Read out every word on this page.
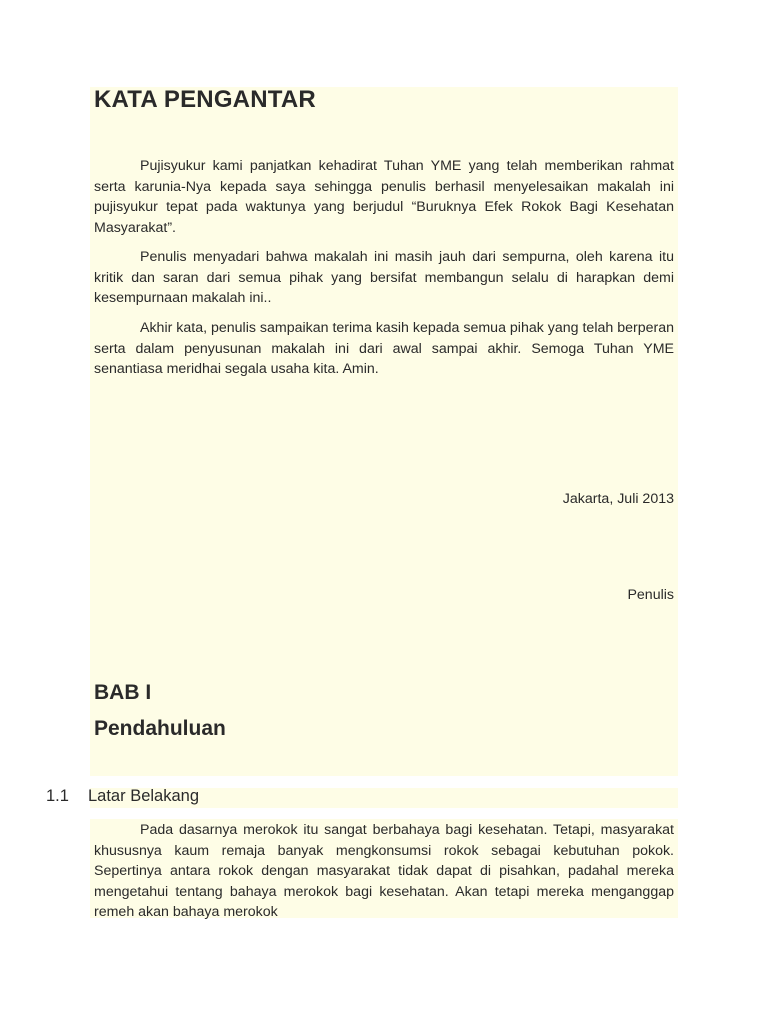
KATA PENGANTAR

Pujisyukur kami panjatkan kehadirat Tuhan YME yang telah memberikan rahmat serta karunia-Nya kepada saya sehingga penulis berhasil menyelesaikan makalah ini pujisyukur tepat pada waktunya yang berjudul “Buruknya Efek Rokok Bagi Kesehatan Masyarakat”.

Penulis menyadari bahwa makalah ini masih jauh dari sempurna, oleh karena itu kritik dan saran dari semua pihak yang bersifat membangun selalu di harapkan demi kesempurnaan makalah ini..

Akhir kata, penulis sampaikan terima kasih kepada semua pihak yang telah berperan serta dalam penyusunan makalah ini dari awal sampai akhir. Semoga Tuhan YME senantiasa meridhai segala usaha kita. Amin.

Jakarta, Juli 2013
Penulis
BAB I
Pendahuluan
1.1 Latar Belakang

Pada dasarnya merokok itu sangat berbahaya bagi kesehatan. Tetapi, masyarakat khususnya kaum remaja banyak mengkonsumsi rokok sebagai kebutuhan pokok. Sepertinya antara rokok dengan masyarakat tidak dapat di pisahkan, padahal mereka mengetahui tentang bahaya merokok bagi kesehatan. Akan tetapi mereka menganggap remeh akan bahaya merokok
